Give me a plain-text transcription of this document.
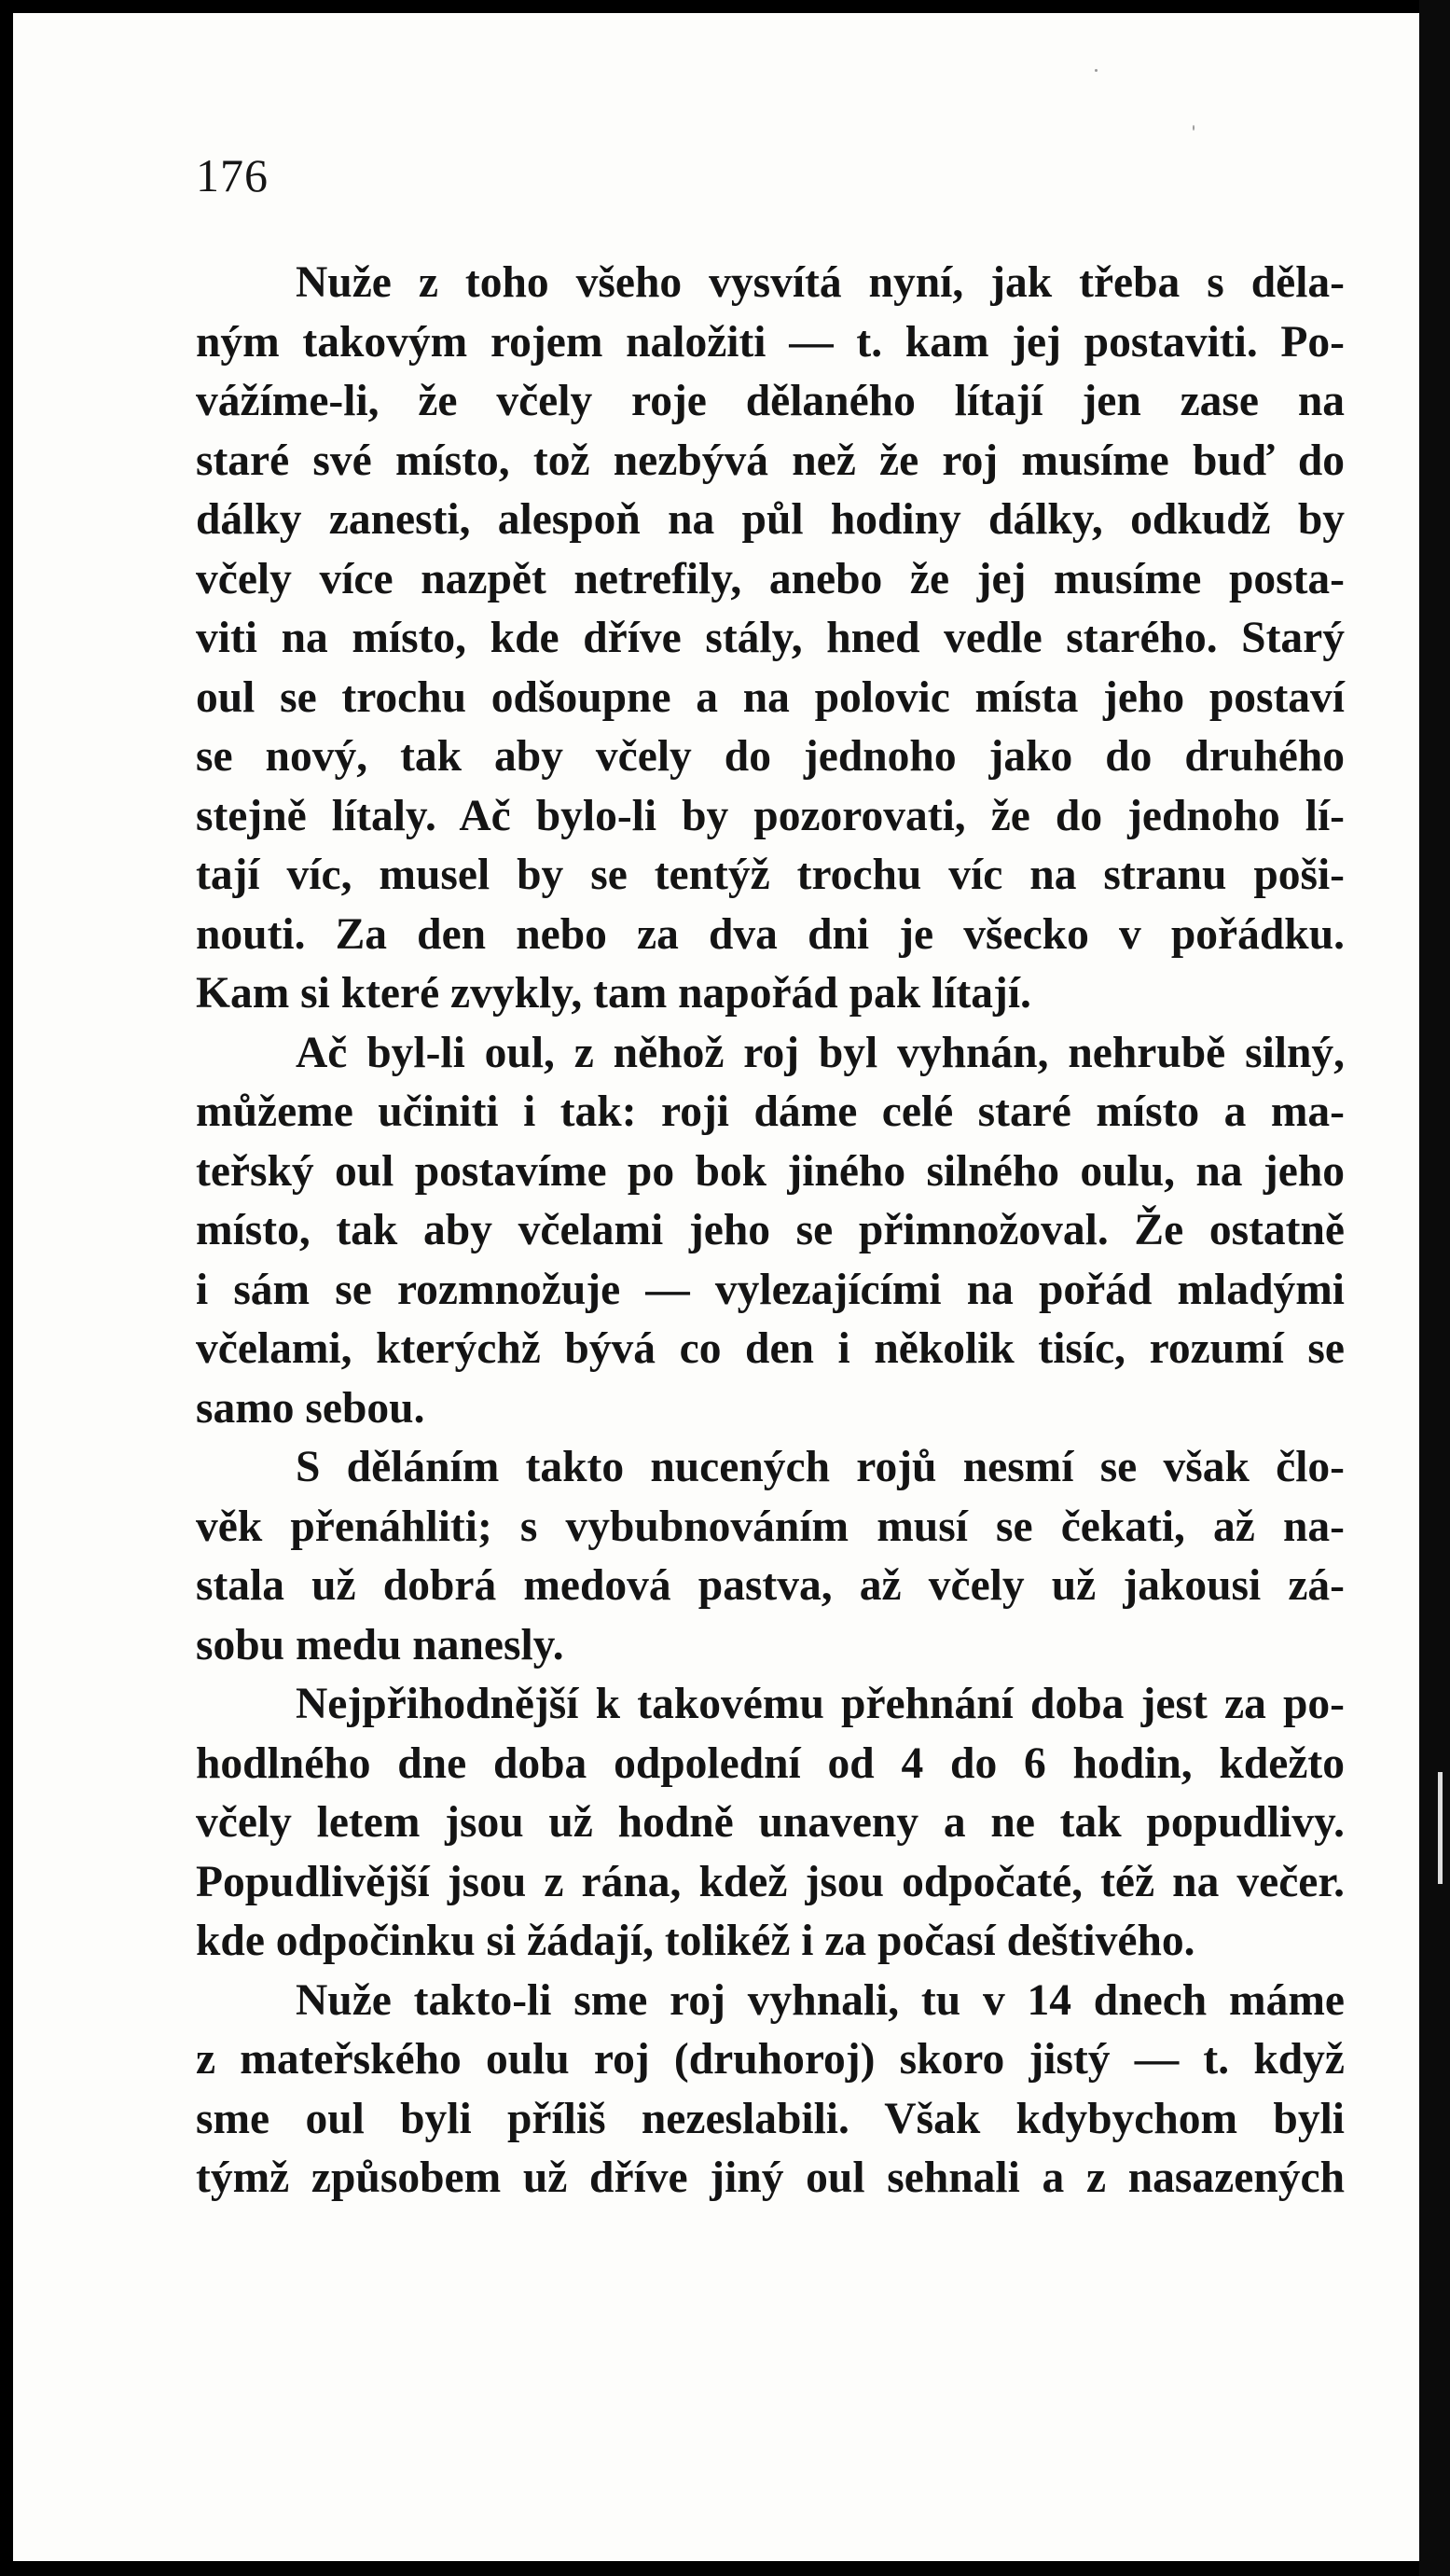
176
Nuže z toho všeho vysvítá nyní, jak třeba s děla-
ným takovým rojem naložiti — t. kam jej postaviti. Po-
vážíme-li, že včely roje dělaného lítají jen zase na
staré své místo, tož nezbývá než že roj musíme buď do
dálky zanesti, alespoň na půl hodiny dálky, odkudž by
včely více nazpět netrefily, anebo že jej musíme posta-
viti na místo, kde dříve stály, hned vedle starého. Starý
oul se trochu odšoupne a na polovic místa jeho postaví
se nový, tak aby včely do jednoho jako do druhého
stejně lítaly. Ač bylo-li by pozorovati, že do jednoho lí-
tají víc, musel by se tentýž trochu víc na stranu poši-
nouti. Za den nebo za dva dni je všecko v pořádku.
Kam si které zvykly, tam napořád pak lítají.
Ač byl-li oul, z něhož roj byl vyhnán, nehrubě silný,
můžeme učiniti i tak: roji dáme celé staré místo a ma-
teřský oul postavíme po bok jiného silného oulu, na jeho
místo, tak aby včelami jeho se přimnožoval. Že ostatně
i sám se rozmnožuje — vylezajícími na pořád mladými
včelami, kterýchž bývá co den i několik tisíc, rozumí se
samo sebou.
S děláním takto nucených rojů nesmí se však člo-
věk přenáhliti; s vybubnováním musí se čekati, až na-
stala už dobrá medová pastva, až včely už jakousi zá-
sobu medu nanesly.
Nejpřihodnější k takovému přehnání doba jest za po-
hodlného dne doba odpolední od 4 do 6 hodin, kdežto
včely letem jsou už hodně unaveny a ne tak popudlivy.
Popudlivější jsou z rána, kdež jsou odpočaté, též na večer.
kde odpočinku si žádají, tolikéž i za počasí deštivého.
Nuže takto-li sme roj vyhnali, tu v 14 dnech máme
z mateřského oulu roj (druhoroj) skoro jistý — t. když
sme oul byli příliš nezeslabili. Však kdybychom byli
týmž způsobem už dříve jiný oul sehnali a z nasazených
